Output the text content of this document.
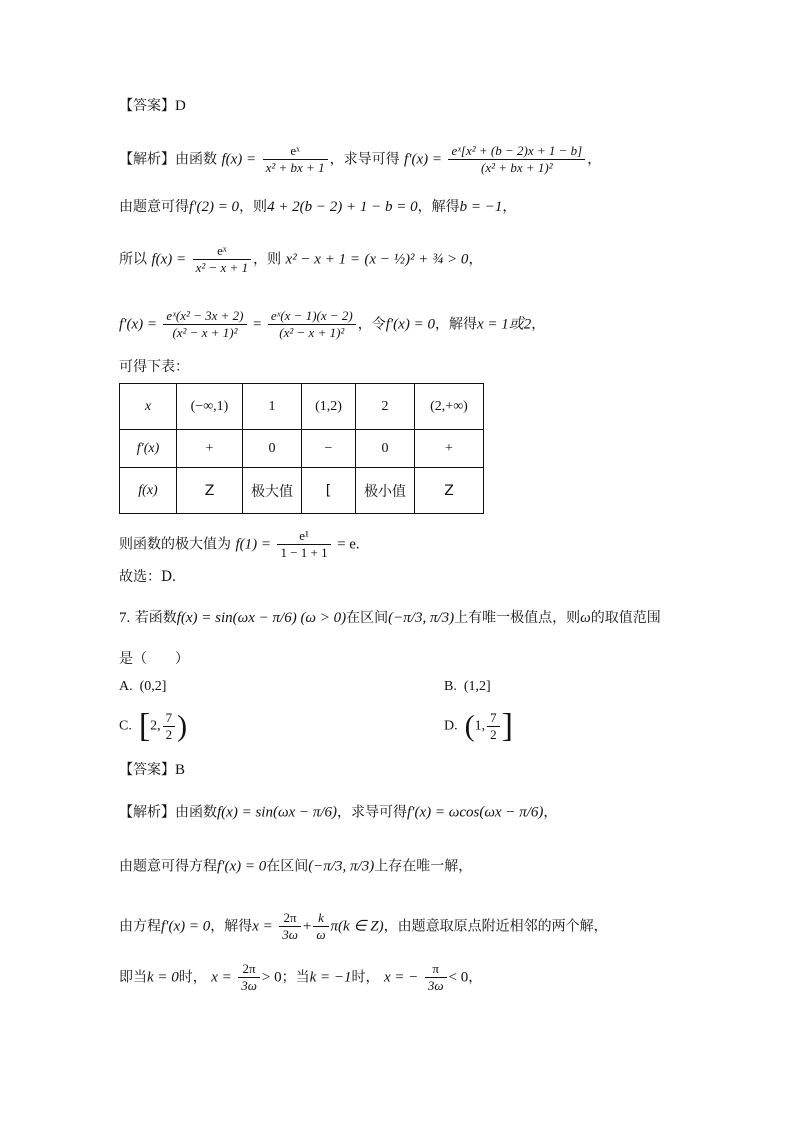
【答案】D
【解析】由函数 $f(x) = \frac{\text{eˣ}}{\text{x² + bx + 1}}$ ，求导可得 $f'(x) = \frac{\text{eˣ[x² + (b − 2)x + 1 − b]}}{\text{(x² + bx + 1)²}}$ ，
由题意可得f′(2) = 0，则4 + 2(b − 2) + 1 − b = 0，解得b = −1，
所以 $f(x) = \frac{\text{eˣ}}{\text{x² − x + 1}}$ ，则 x² − x + 1 = (x − ½)² + ¾ > 0，
$f'(x) = \frac{\text{eˣ(x² − 3x + 2)}}{\text{(x² − x + 1)²}} = \frac{\text{eˣ(x − 1)(x − 2)}}{\text{(x² − x + 1)²}}$ ，令f′(x) = 0，解得x = 1或2，
可得下表：
x	(−∞,1)	1	(1,2)	2	(2,+∞)
f′(x)	+	0	−	0	+
f(x)	Z	极大值	[	极小值	Z
则函数的极大值为 $f(1) = \frac{\text{e¹}}{1 - 1 + 1} = e$.
故选：D.
7. 若函数f(x) = sin(ωx − π/6) (ω > 0)在区间(−π/3, π/3)上有唯一极值点，则ω的取值范围
是（　　）
A. (0,2]	B. (1,2]
C. [2, $\frac{7}{2}$ )	D. (1, $\frac{7}{2}$ ]
【答案】B
【解析】由函数f(x) = sin(ωx − π/6)，求导可得f′(x) = ωcos(ωx − π/6)，
由题意可得方程f′(x) = 0在区间(−π/3, π/3)上存在唯一解，
由方程f′(x) = 0，解得$x = \frac{2\pi}{3\omega} + \frac{k}{\omega} \pi(k$ ∈ Z)，由题意取原点附近相邻的两个解，
即当k = 0时， $x = \frac{2\pi}{3\omega} > 0$；当k = −1时， x = − $\frac{\pi}{3\omega} < 0$，
